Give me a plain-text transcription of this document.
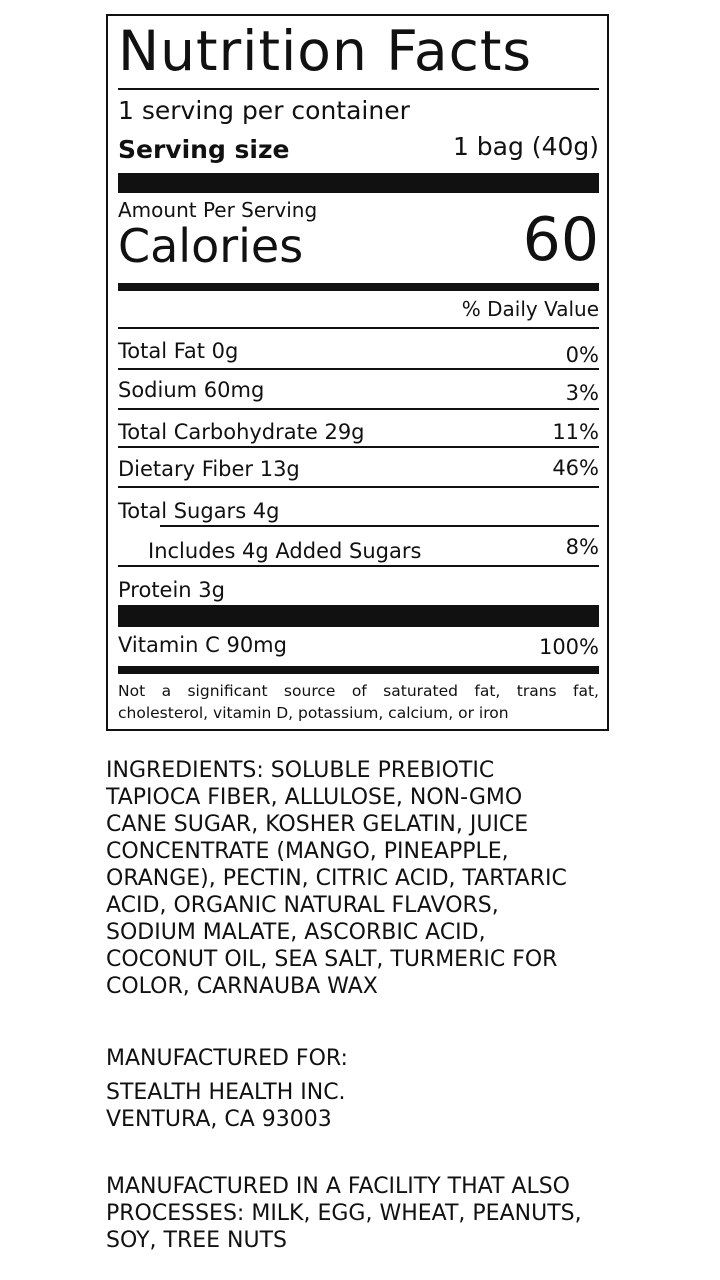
Nutrition Facts
1 serving per container
Serving size	1 bag (40g)
Amount Per Serving
Calories	60
% Daily Value
Total Fat 0g	0%
Sodium 60mg	3%
Total Carbohydrate 29g	11%
Dietary Fiber 13g	46%
Total Sugars 4g
Includes 4g Added Sugars	8%
Protein 3g
Vitamin C 90mg	100%
Not a significant source of saturated fat, trans fat, cholesterol, vitamin D, potassium, calcium, or iron
INGREDIENTS: SOLUBLE PREBIOTIC
TAPIOCA FIBER, ALLULOSE, NON-GMO
CANE SUGAR, KOSHER GELATIN, JUICE
CONCENTRATE (MANGO, PINEAPPLE,
ORANGE), PECTIN, CITRIC ACID, TARTARIC
ACID, ORGANIC NATURAL FLAVORS,
SODIUM MALATE, ASCORBIC ACID,
COCONUT OIL, SEA SALT, TURMERIC FOR
COLOR, CARNAUBA WAX
MANUFACTURED FOR:
STEALTH HEALTH INC.
VENTURA, CA 93003
MANUFACTURED IN A FACILITY THAT ALSO
PROCESSES: MILK, EGG, WHEAT, PEANUTS,
SOY, TREE NUTS
